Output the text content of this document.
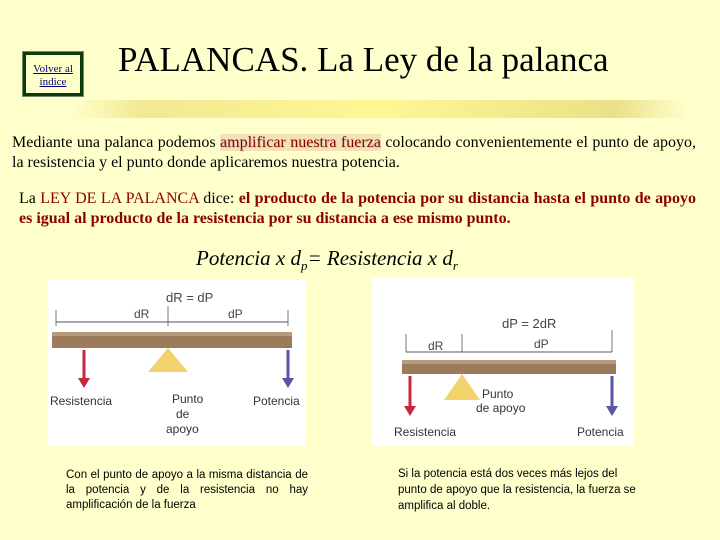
Volver al índice
PALANCAS. La Ley de la palanca
Mediante una palanca podemos amplificar nuestra fuerza colocando convenientemente el punto de apoyo, la resistencia y el punto donde aplicaremos nuestra potencia.
La LEY DE LA PALANCA dice: el producto de la potencia por su distancia hasta el punto de apoyo es igual al producto de la resistencia por su distancia a ese mismo punto.
Potencia x $d_p=$ Resistencia x $d_r$
dR = dP
dR	dP
Resistencia	Punto
de
apoyo
Potencia
dP = 2dR
dR	dP
Punto
de apoyo
Resistencia	Potencia
Con el punto de apoyo a la misma distancia de la potencia y de la resistencia no hay amplificación de la fuerza
Si la potencia está dos veces más lejos del punto de apoyo que la resistencia, la fuerza se amplifica al doble.
